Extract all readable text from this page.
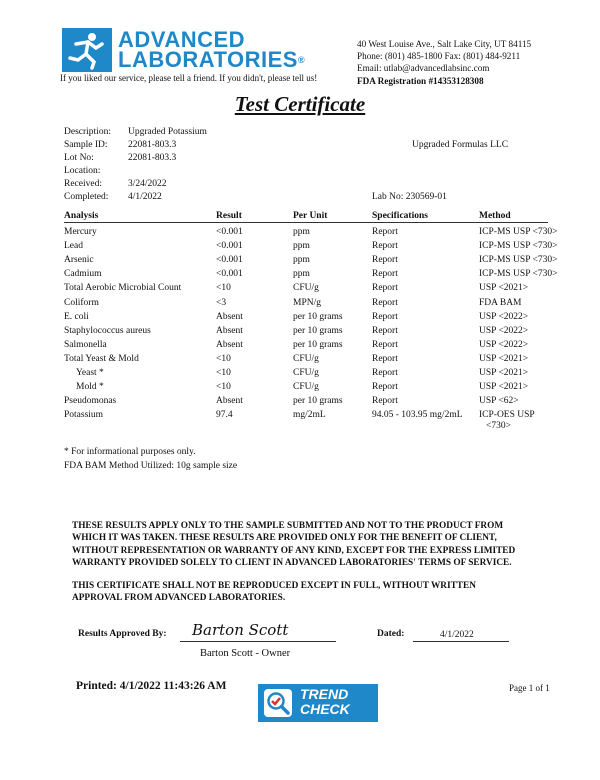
ADVANCED
LABORATORIES®
If you liked our service, please tell a friend. If you didn't, please tell us!
40 West Louise Ave., Salt Lake City, UT 84115
Phone: (801) 485-1800 Fax: (801) 484-9211
Email: utlab@advancedlabsinc.com
FDA Registration #14353128308
Test Certificate
Description: Upgraded Potassium
Sample ID: 22081-803.3
Lot No:	22081-803.3
Location:
Received:	3/24/2022
Completed: 4/1/2022
Upgraded Formulas LLC
Lab No: 230569-01
Analysis	Result	Per Unit	Specifications	Method
Mercury	<0.001	ppm	Report	ICP-MS USP <730>
Lead	<0.001	ppm	Report	ICP-MS USP <730>
Arsenic	<0.001	ppm	Report	ICP-MS USP <730>
Cadmium	<0.001	ppm	Report	ICP-MS USP <730>
Total Aerobic Microbial Count	<10	CFU/g	Report	USP <2021>
Coliform	<3	MPN/g	Report	FDA BAM
E. coli	Absent	per 10 grams	Report	USP <2022>
Staphylococcus aureus	Absent	per 10 grams	Report	USP <2022>
Salmonella	Absent	per 10 grams	Report	USP <2022>
Total Yeast & Mold	<10	CFU/g	Report	USP <2021>
Yeast *	<10	CFU/g	Report	USP <2021>
Mold *	<10	CFU/g	Report	USP <2021>
Pseudomonas	Absent	per 10 grams	Report	USP <62>
Potassium	97.4	mg/2mL	94.05 - 103.95 mg/2mL ICP-OES USP
<730>
* For informational purposes only.
FDA BAM Method Utilized: 10g sample size
THESE RESULTS APPLY ONLY TO THE SAMPLE SUBMITTED AND NOT TO THE PRODUCT FROM
WHICH IT WAS TAKEN. THESE RESULTS ARE PROVIDED ONLY FOR THE BENEFIT OF CLIENT,
WITHOUT REPRESENTATION OR WARRANTY OF ANY KIND, EXCEPT FOR THE EXPRESS LIMITED
WARRANTY PROVIDED SOLELY TO CLIENT IN ADVANCED LABORATORIES' TERMS OF SERVICE.
THIS CERTIFICATE SHALL NOT BE REPRODUCED EXCEPT IN FULL, WITHOUT WRITTEN
APPROVAL FROM ADVANCED LABORATORIES.
Results Approved By: Barton Scott
Barton Scott - Owner
Dated:	4/1/2022
Printed: 4/1/2022 11:43:26 AM	Page 1 of 1
TREND
CHECK
